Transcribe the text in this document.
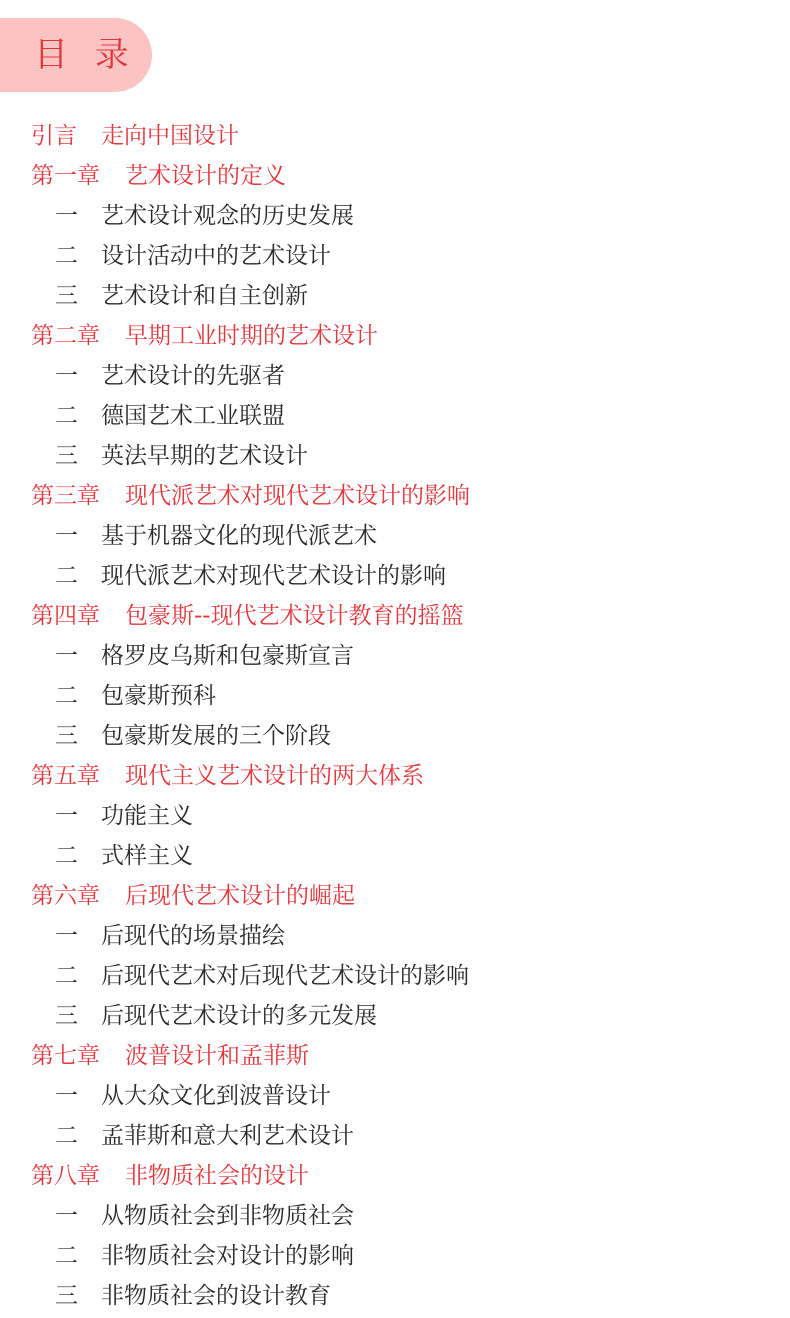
目 录
引言 走向中国设计
第一章 艺术设计的定义
一 艺术设计观念的历史发展
二 设计活动中的艺术设计
三 艺术设计和自主创新
第二章 早期工业时期的艺术设计
一 艺术设计的先驱者
二 德国艺术工业联盟
三 英法早期的艺术设计
第三章 现代派艺术对现代艺术设计的影响
一 基于机器文化的现代派艺术
二 现代派艺术对现代艺术设计的影响
第四章 包豪斯--现代艺术设计教育的摇篮
一 格罗皮乌斯和包豪斯宣言
二 包豪斯预科
三 包豪斯发展的三个阶段
第五章 现代主义艺术设计的两大体系
一 功能主义
二 式样主义
第六章 后现代艺术设计的崛起
一 后现代的场景描绘
二 后现代艺术对后现代艺术设计的影响
三 后现代艺术设计的多元发展
第七章 波普设计和孟菲斯
一 从大众文化到波普设计
二 孟菲斯和意大利艺术设计
第八章 非物质社会的设计
一 从物质社会到非物质社会
二 非物质社会对设计的影响
三 非物质社会的设计教育
